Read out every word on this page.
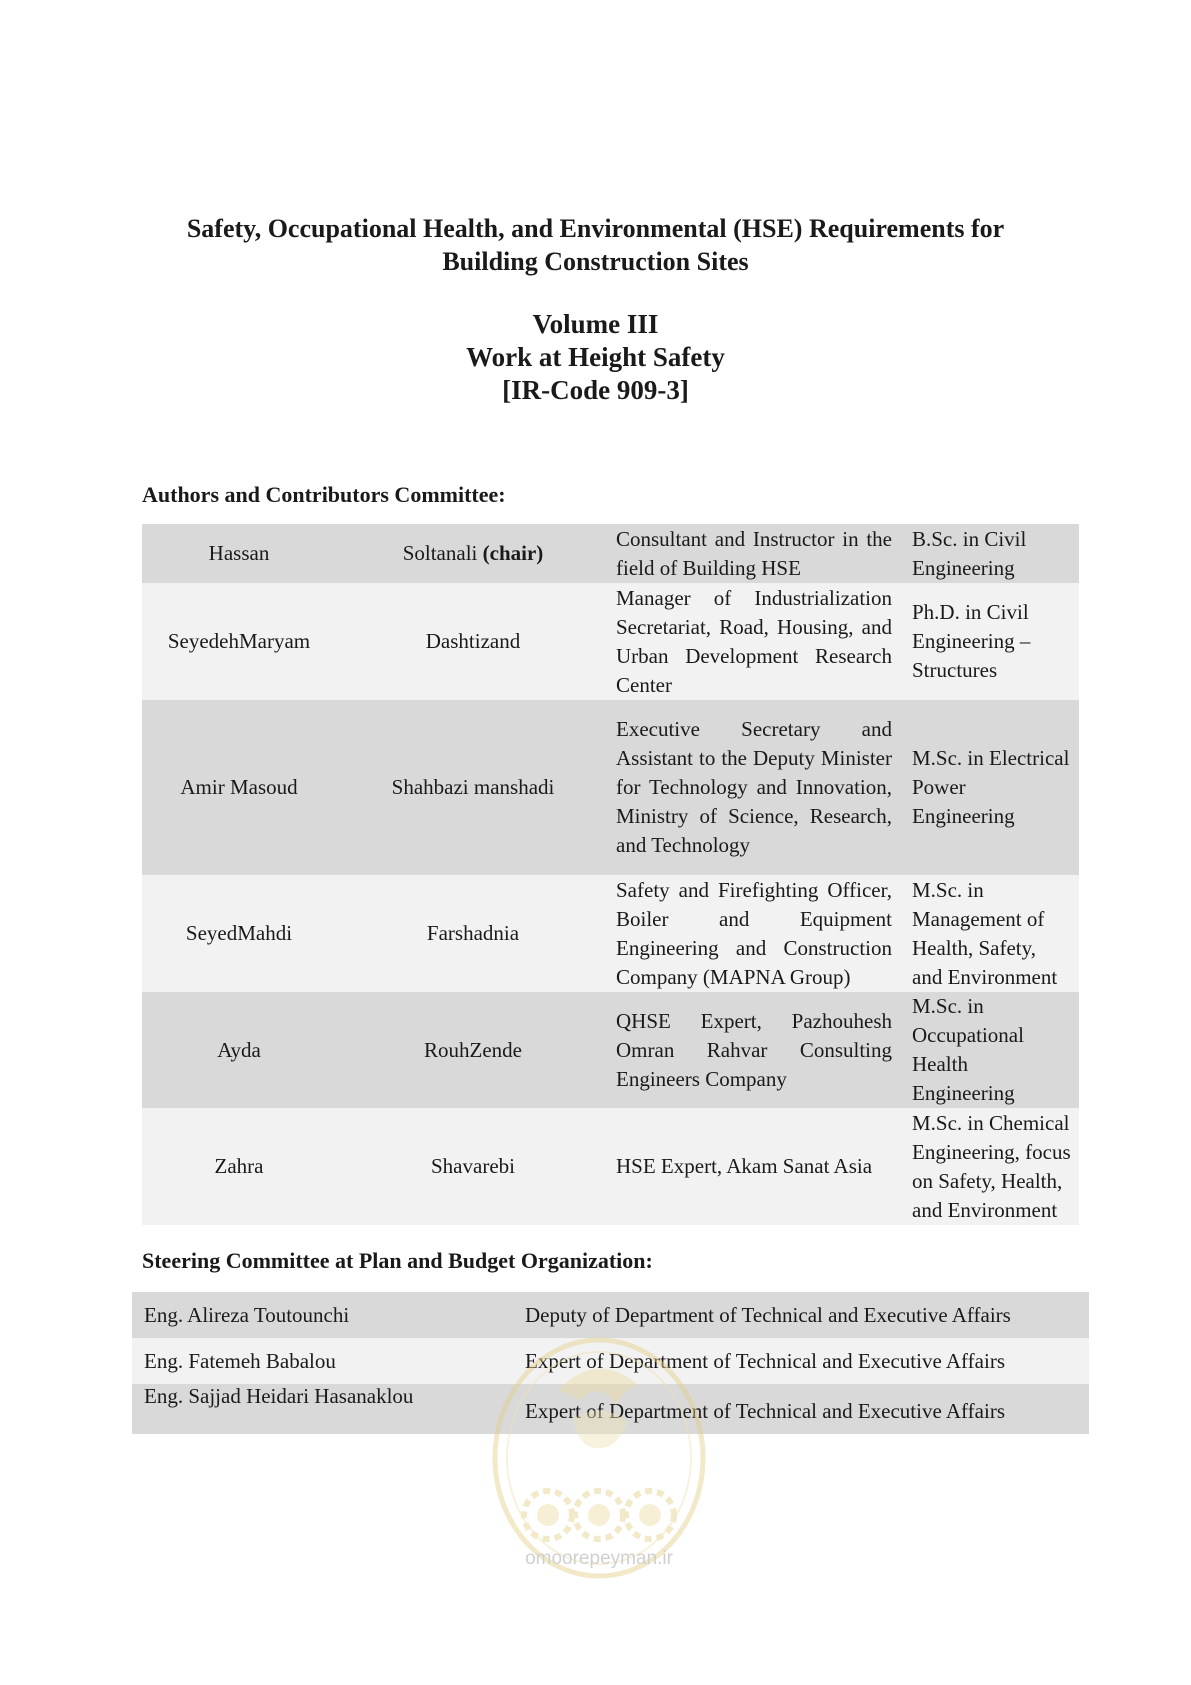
Safety, Occupational Health, and Environmental (HSE) Requirements for
Building Construction Sites
Volume III
Work at Height Safety
[IR-Code 909-3]
Authors and Contributors Committee:
Hassan	Soltanali (chair)	Consultant and Instructor in the field of Building HSE	B.Sc. in Civil Engineering
SeyedehMaryam	Dashtizand	Manager of Industrialization Secretariat, Road, Housing, and Urban Development Research Center	Ph.D. in Civil Engineering – Structures
Amir Masoud	Shahbazi manshadi	Executive Secretary and Assistant to the Deputy Minister for Technology and Innovation, Ministry of Science, Research, and Technology	M.Sc. in Electrical Power Engineering
SeyedMahdi	Farshadnia	Safety and Firefighting Officer, Boiler and Equipment Engineering and Construction Company (MAPNA Group)	M.Sc. in Management of Health, Safety, and Environment
Ayda	RouhZende	QHSE Expert, Pazhouhesh Omran Rahvar Consulting Engineers Company	M.Sc. in Occupational Health Engineering
Zahra	Shavarebi	HSE Expert, Akam Sanat Asia	M.Sc. in Chemical Engineering, focus on Safety, Health, and Environment
Steering Committee at Plan and Budget Organization:
Eng. Alireza Toutounchi	Deputy of Department of Technical and Executive Affairs
Eng. Fatemeh Babalou	Expert of Department of Technical and Executive Affairs
Eng. Sajjad Heidari Hasanaklou	Expert of Department of Technical and Executive Affairs
omoorepeyman.ir
